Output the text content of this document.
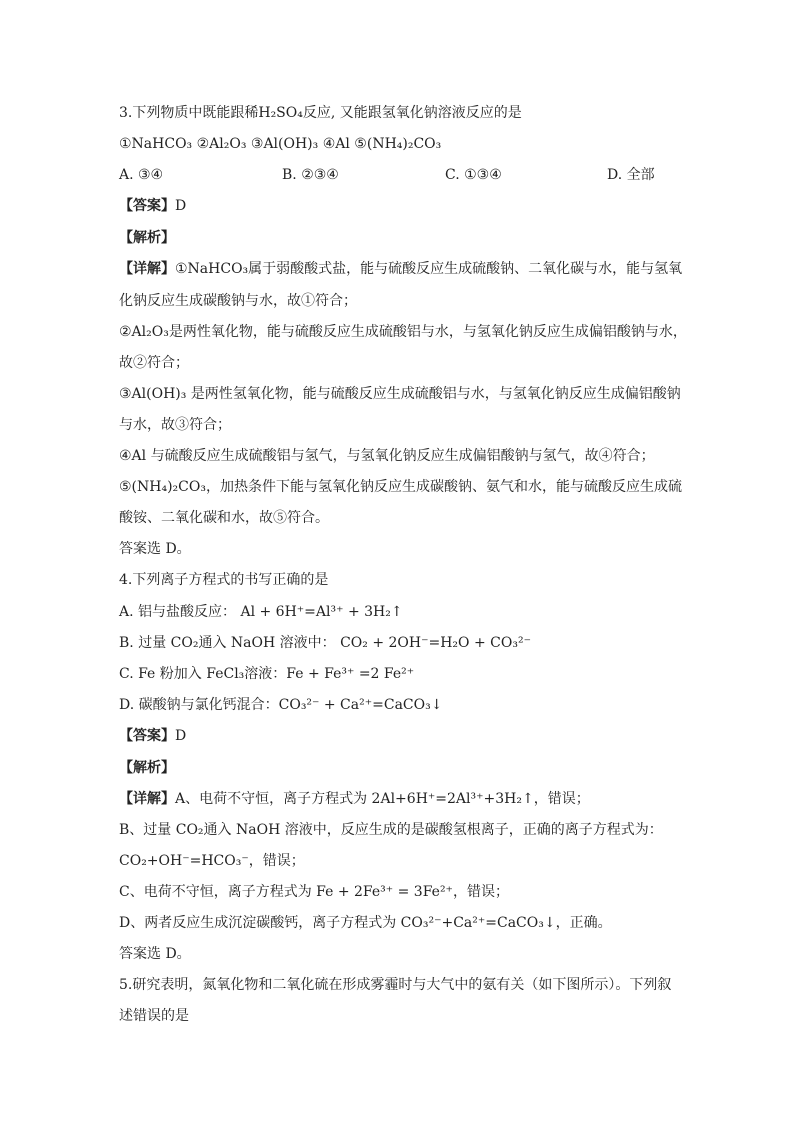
3.下列物质中既能跟稀H₂SO₄反应, 又能跟氢氧化钠溶液反应的是
①NaHCO₃ ②Al₂O₃ ③Al(OH)₃ ④Al ⑤(NH₄)₂CO₃
A. ③④	B. ②③④	C. ①③④	D. 全部
【答案】D
【解析】
【详解】①NaHCO₃属于弱酸酸式盐，能与硫酸反应生成硫酸钠、二氧化碳与水，能与氢氧
化钠反应生成碳酸钠与水，故①符合；
②Al₂O₃是两性氧化物，能与硫酸反应生成硫酸铝与水，与氢氧化钠反应生成偏铝酸钠与水，
故②符合；
③Al(OH)₃ 是两性氢氧化物，能与硫酸反应生成硫酸铝与水，与氢氧化钠反应生成偏铝酸钠
与水，故③符合；
④Al 与硫酸反应生成硫酸铝与氢气，与氢氧化钠反应生成偏铝酸钠与氢气，故④符合；
⑤(NH₄)₂CO₃，加热条件下能与氢氧化钠反应生成碳酸钠、氨气和水，能与硫酸反应生成硫
酸铵、二氧化碳和水，故⑤符合。
答案选 D。
4.下列离子方程式的书写正确的是
A. 铝与盐酸反应： Al + 6H⁺=Al³⁺ + 3H₂↑
B. 过量 CO₂通入 NaOH 溶液中： CO₂ + 2OH⁻=H₂O + CO₃²⁻
C. Fe 粉加入 FeCl₃溶液：Fe + Fe³⁺ =2 Fe²⁺
D. 碳酸钠与氯化钙混合：CO₃²⁻ + Ca²⁺=CaCO₃↓
【答案】D
【解析】
【详解】A、电荷不守恒，离子方程式为 2Al+6H⁺=2Al³⁺+3H₂↑，错误；
B、过量 CO₂通入 NaOH 溶液中，反应生成的是碳酸氢根离子，正确的离子方程式为：
CO₂+OH⁻=HCO₃⁻，错误；
C、电荷不守恒，离子方程式为 Fe + 2Fe³⁺ = 3Fe²⁺，错误；
D、两者反应生成沉淀碳酸钙，离子方程式为 CO₃²⁻+Ca²⁺=CaCO₃↓，正确。
答案选 D。
5.研究表明，氮氧化物和二氧化硫在形成雾霾时与大气中的氨有关（如下图所示）。下列叙
述错误的是
